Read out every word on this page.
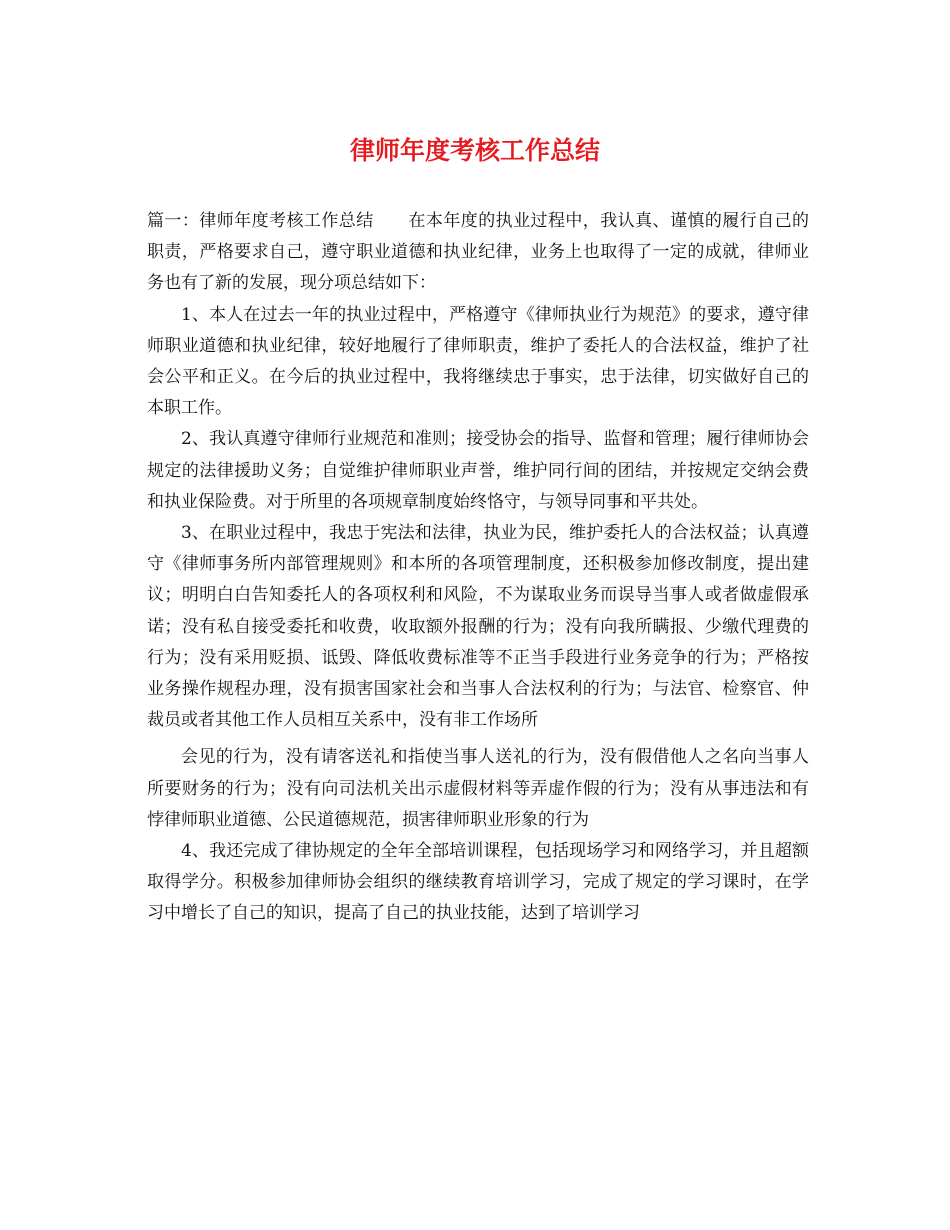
律师年度考核工作总结

篇一：律师年度考核工作总结　　在本年度的执业过程中，我认真、谨慎的履行自己的职责，严格要求自己，遵守职业道德和执业纪律，业务上也取得了一定的成就，律师业务也有了新的发展，现分项总结如下：

1、本人在过去一年的执业过程中，严格遵守《律师执业行为规范》的要求，遵守律师职业道德和执业纪律，较好地履行了律师职责，维护了委托人的合法权益，维护了社会公平和正义。在今后的执业过程中，我将继续忠于事实，忠于法律，切实做好自己的本职工作。

2、我认真遵守律师行业规范和准则；接受协会的指导、监督和管理；履行律师协会规定的法律援助义务；自觉维护律师职业声誉，维护同行间的团结，并按规定交纳会费和执业保险费。对于所里的各项规章制度始终恪守，与领导同事和平共处。

3、在职业过程中，我忠于宪法和法律，执业为民，维护委托人的合法权益；认真遵守《律师事务所内部管理规则》和本所的各项管理制度，还积极参加修改制度，提出建议；明明白白告知委托人的各项权利和风险，不为谋取业务而误导当事人或者做虚假承诺；没有私自接受委托和收费，收取额外报酬的行为；没有向我所瞒报、少缴代理费的行为；没有采用贬损、诋毁、降低收费标准等不正当手段进行业务竞争的行为；严格按业务操作规程办理，没有损害国家社会和当事人合法权利的行为；与法官、检察官、仲裁员或者其他工作人员相互关系中，没有非工作场所

会见的行为，没有请客送礼和指使当事人送礼的行为，没有假借他人之名向当事人所要财务的行为；没有向司法机关出示虚假材料等弄虚作假的行为；没有从事违法和有悖律师职业道德、公民道德规范，损害律师职业形象的行为

4、我还完成了律协规定的全年全部培训课程，包括现场学习和网络学习，并且超额取得学分。积极参加律师协会组织的继续教育培训学习，完成了规定的学习课时，在学习中增长了自己的知识，提高了自己的执业技能，达到了培训学习
